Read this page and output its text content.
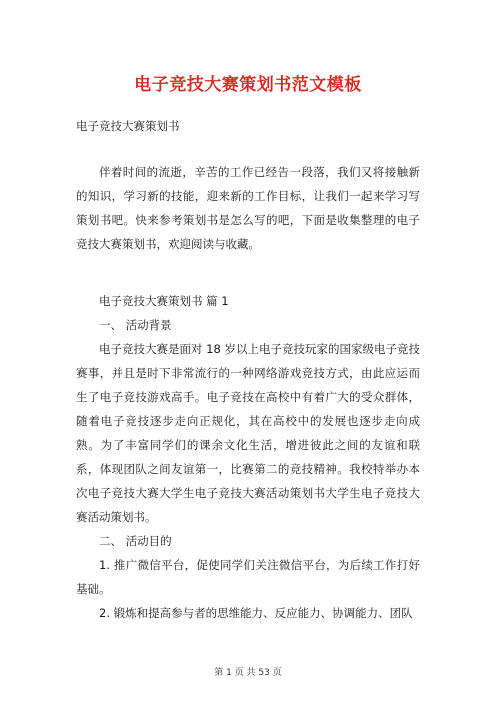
电子竞技大赛策划书范文模板
电子竞技大赛策划书

伴着时间的流逝，辛苦的工作已经告一段落，我们又将接触新的知识，学习新的技能，迎来新的工作目标，让我们一起来学习写策划书吧。快来参考策划书是怎么写的吧，下面是收集整理的电子竞技大赛策划书，欢迎阅读与收藏。

电子竞技大赛策划书 篇 1

一、 活动背景

电子竞技大赛是面对 18 岁以上电子竞技玩家的国家级电子竞技赛事，并且是时下非常流行的一种网络游戏竞技方式，由此应运而生了电子竞技游戏高手。电子竞技在高校中有着广大的受众群体，随着电子竞技逐步走向正规化，其在高校中的发展也逐步走向成熟。为了丰富同学们的课余文化生活，增进彼此之间的友谊和联系，体现团队之间友谊第一，比赛第二的竞技精神。我校特举办本次电子竞技大赛大学生电子竞技大赛活动策划书大学生电子竞技大赛活动策划书。

二、 活动目的

1. 推广微信平台，促使同学们关注微信平台，为后续工作打好基础。

2. 锻炼和提高参与者的思维能力、反应能力、协调能力、团队

第 1 页 共 53 页
